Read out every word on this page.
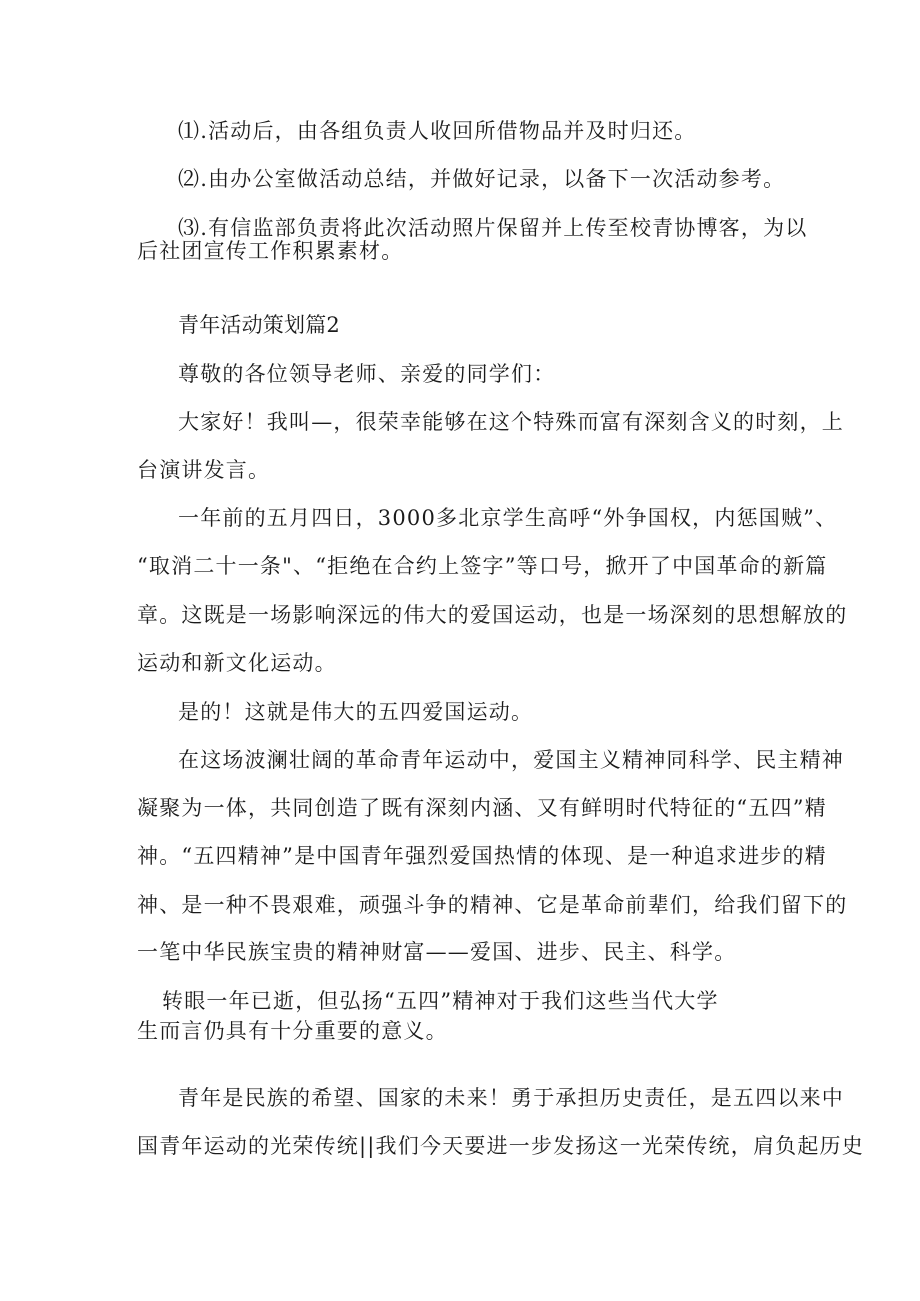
⑴.活动后，由各组负责人收回所借物品并及时归还。
⑵.由办公室做活动总结，并做好记录，以备下一次活动参考。
⑶.有信监部负责将此次活动照片保留并上传至校青协博客，为以
后社团宣传工作积累素材。
青年活动策划篇2
尊敬的各位领导老师、亲爱的同学们：
大家好！我叫—，很荣幸能够在这个特殊而富有深刻含义的时刻，上
台演讲发言。
一年前的五月四日，3000多北京学生高呼“外争国权，内惩国贼”、
“取消二十一条"、“拒绝在合约上签字”等口号，掀开了中国革命的新篇
章。这既是一场影响深远的伟大的爱国运动，也是一场深刻的思想解放的
运动和新文化运动。
是的！这就是伟大的五四爱国运动。
在这场波澜壮阔的革命青年运动中，爱国主义精神同科学、民主精神
凝聚为一体，共同创造了既有深刻内涵、又有鲜明时代特征的“五四”精
神。“五四精神”是中国青年强烈爱国热情的体现、是一种追求进步的精
神、是一种不畏艰难，顽强斗争的精神、它是革命前辈们，给我们留下的
一笔中华民族宝贵的精神财富——爱国、进步、民主、科学。
转眼一年已逝，但弘扬“五四”精神对于我们这些当代大学
生而言仍具有十分重要的意义。
青年是民族的希望、国家的未来！勇于承担历史责任，是五四以来中
国青年运动的光荣传统||我们今天要进一步发扬这一光荣传统，肩负起历史
